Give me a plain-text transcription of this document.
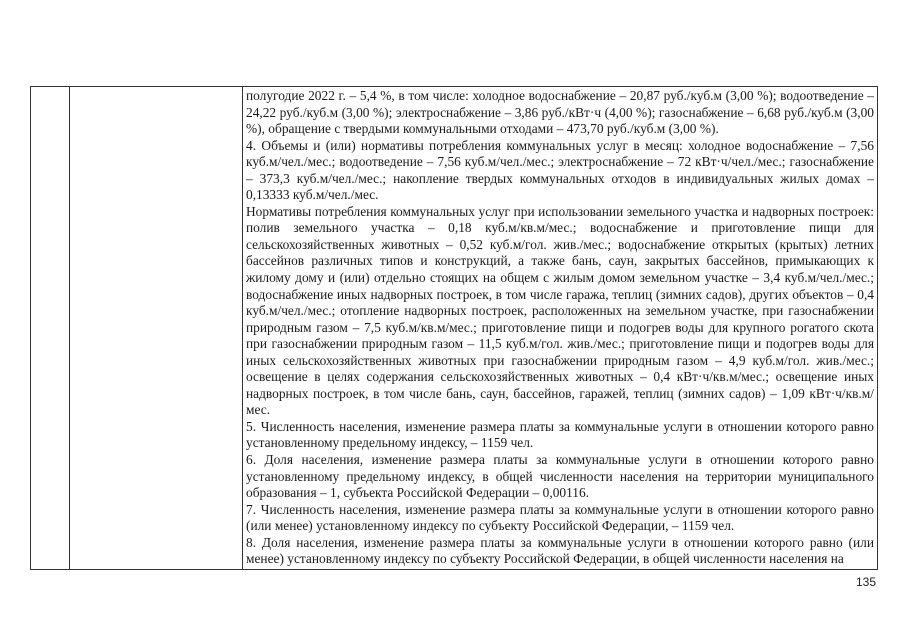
полугодие 2022 г. – 5,4 %, в том числе: холодное водоснабжение – 20,87 руб./куб.м (3,00 %); водоотведение – 24,22 руб./куб.м (3,00 %); электроснабжение – 3,86 руб./кВт·ч (4,00 %); газоснабжение – 6,68 руб./куб.м (3,00 %), обращение с твердыми коммунальными отходами – 473,70 руб./куб.м (3,00 %).

4. Объемы и (или) нормативы потребления коммунальных услуг в месяц: холодное водоснабжение – 7,56 куб.м/чел./мес.; водоотведение – 7,56 куб.м/чел./мес.; электроснабжение – 72 кВт·ч/чел./мес.; газоснабжение – 373,3 куб.м/чел./мес.; накопление твердых коммунальных отходов в индивидуальных жилых домах – 0,13333 куб.м/чел./мес.

Нормативы потребления коммунальных услуг при использовании земельного участка и надворных построек: полив земельного участка – 0,18 куб.м/кв.м/мес.; водоснабжение и приготовление пищи для сельскохозяйственных животных – 0,52 куб.м/гол. жив./мес.; водоснабжение открытых (крытых) летних бассейнов различных типов и конструкций, а также бань, саун, закрытых бассейнов, примыкающих к жилому дому и (или) отдельно стоящих на общем с жилым домом земельном участке – 3,4 куб.м/чел./мес.; водоснабжение иных надворных построек, в том числе гаража, теплиц (зимних садов), других объектов – 0,4 куб.м/чел./мес.; отопление надворных построек, расположенных на земельном участке, при газоснабжении природным газом – 7,5 куб.м/кв.м/мес.; приготовление пищи и подогрев воды для крупного рогатого скота при газоснабжении природным газом – 11,5 куб.м/гол. жив./мес.; приготовление пищи и подогрев воды для иных сельскохозяйственных животных при газоснабжении природным газом – 4,9 куб.м/гол. жив./мес.; освещение в целях содержания сельскохозяйственных животных – 0,4 кВт·ч/кв.м/мес.; освещение иных надворных построек, в том числе бань, саун, бассейнов, гаражей, теплиц (зимних садов) – 1,09 кВт·ч/кв.м/мес.

5. Численность населения, изменение размера платы за коммунальные услуги в отношении которого равно установленному предельному индексу, – 1159 чел.

6. Доля населения, изменение размера платы за коммунальные услуги в отношении которого равно установленному предельному индексу, в общей численности населения на территории муниципального образования – 1, субъекта Российской Федерации – 0,00116.

7. Численность населения, изменение размера платы за коммунальные услуги в отношении которого равно (или менее) установленному индексу по субъекту Российской Федерации, – 1159 чел.

8. Доля населения, изменение размера платы за коммунальные услуги в отношении которого равно (или менее) установленному индексу по субъекту Российской Федерации, в общей численности населения на

135
